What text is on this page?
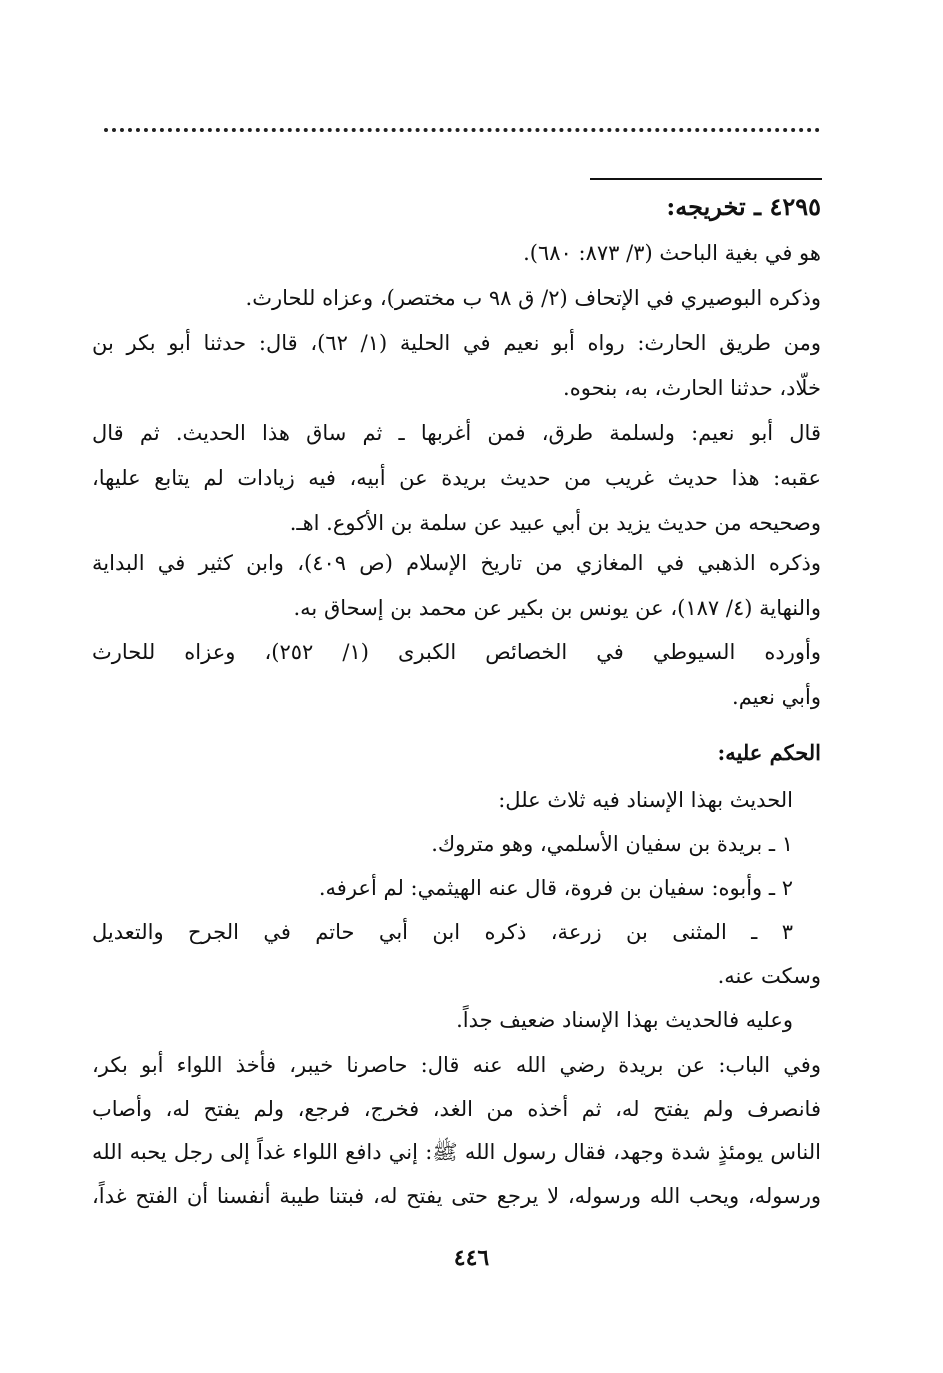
٤٢٩٥ ـ تخريجه:
هو في بغية الباحث (٣/ ٨٧٣: ٦٨٠).
وذكره البوصيري في الإتحاف (٢/ ق ٩٨ ب مختصر)، وعزاه للحارث.
ومن طريق الحارث: رواه أبو نعيم في الحلية (١/ ٦٢)، قال: حدثنا أبو بكر بن
خلّاد، حدثنا الحارث، به، بنحوه.
قال أبو نعيم: ولسلمة طرق، فمن أغربها ـ ثم ساق هذا الحديث. ثم قال
عقبه: هذا حديث غريب من حديث بريدة عن أبيه، فيه زيادات لم يتابع عليها،
وصحيحه من حديث يزيد بن أبي عبيد عن سلمة بن الأكوع. اهـ.
وذكره الذهبي في المغازي من تاريخ الإسلام (ص ٤٠٩)، وابن كثير في البداية
والنهاية (٤/ ١٨٧)، عن يونس بن بكير عن محمد بن إسحاق به.
وأورده السيوطي في الخصائص الكبرى (١/ ٢٥٢)، وعزاه للحارث
وأبي نعيم.
الحكم عليه:
الحديث بهذا الإسناد فيه ثلاث علل:
١ ـ بريدة بن سفيان الأسلمي، وهو متروك.
٢ ـ وأبوه: سفيان بن فروة، قال عنه الهيثمي: لم أعرفه.
٣ ـ المثنى بن زرعة، ذكره ابن أبي حاتم في الجرح والتعديل
وسكت عنه.
وعليه فالحديث بهذا الإسناد ضعيف جداً.
وفي الباب: عن بريدة رضي الله عنه قال: حاصرنا خيبر، فأخذ اللواء أبو بكر،
فانصرف ولم يفتح له، ثم أخذه من الغد، فخرج، فرجع، ولم يفتح له، وأصاب
الناس يومئذٍ شدة وجهد، فقال رسول الله ﷺ: إني دافع اللواء غداً إلى رجل يحبه الله
ورسوله، ويحب الله ورسوله، لا يرجع حتى يفتح له، فبتنا طيبة أنفسنا أن الفتح غداً،
٤٤٦
